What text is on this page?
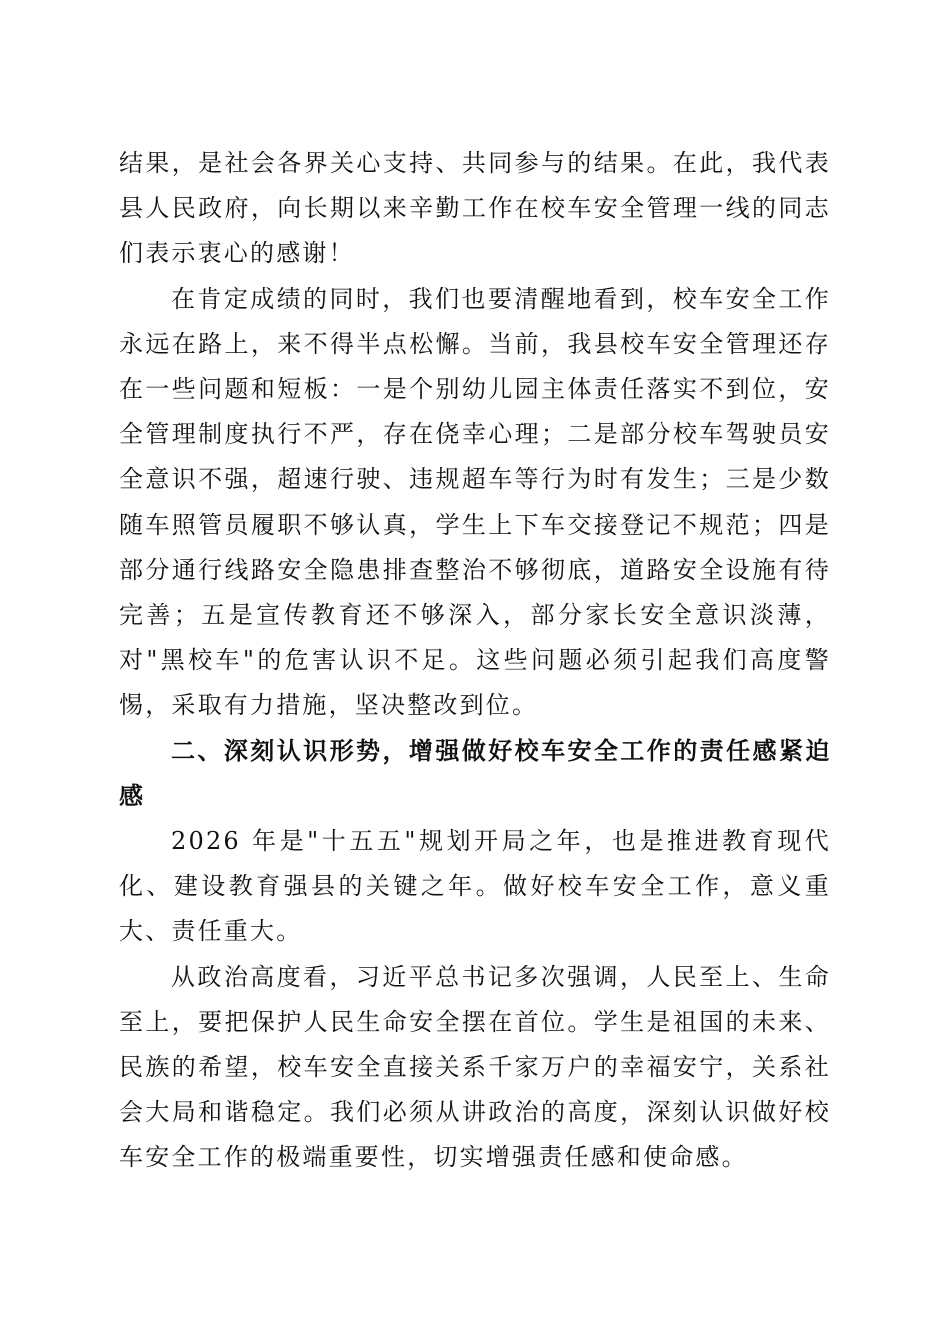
结果，是社会各界关心支持、共同参与的结果。在此，我代表县人民政府，向长期以来辛勤工作在校车安全管理一线的同志们表示衷心的感谢！

在肯定成绩的同时，我们也要清醒地看到，校车安全工作永远在路上，来不得半点松懈。当前，我县校车安全管理还存在一些问题和短板：一是个别幼儿园主体责任落实不到位，安全管理制度执行不严，存在侥幸心理；二是部分校车驾驶员安全意识不强，超速行驶、违规超车等行为时有发生；三是少数随车照管员履职不够认真，学生上下车交接登记不规范；四是部分通行线路安全隐患排查整治不够彻底，道路安全设施有待完善；五是宣传教育还不够深入，部分家长安全意识淡薄，对"黑校车"的危害认识不足。这些问题必须引起我们高度警惕，采取有力措施，坚决整改到位。

二、深刻认识形势，增强做好校车安全工作的责任感紧迫感

2026 年是"十五五"规划开局之年，也是推进教育现代化、建设教育强县的关键之年。做好校车安全工作，意义重大、责任重大。

从政治高度看，习近平总书记多次强调，人民至上、生命至上，要把保护人民生命安全摆在首位。学生是祖国的未来、民族的希望，校车安全直接关系千家万户的幸福安宁，关系社会大局和谐稳定。我们必须从讲政治的高度，深刻认识做好校车安全工作的极端重要性，切实增强责任感和使命感。
